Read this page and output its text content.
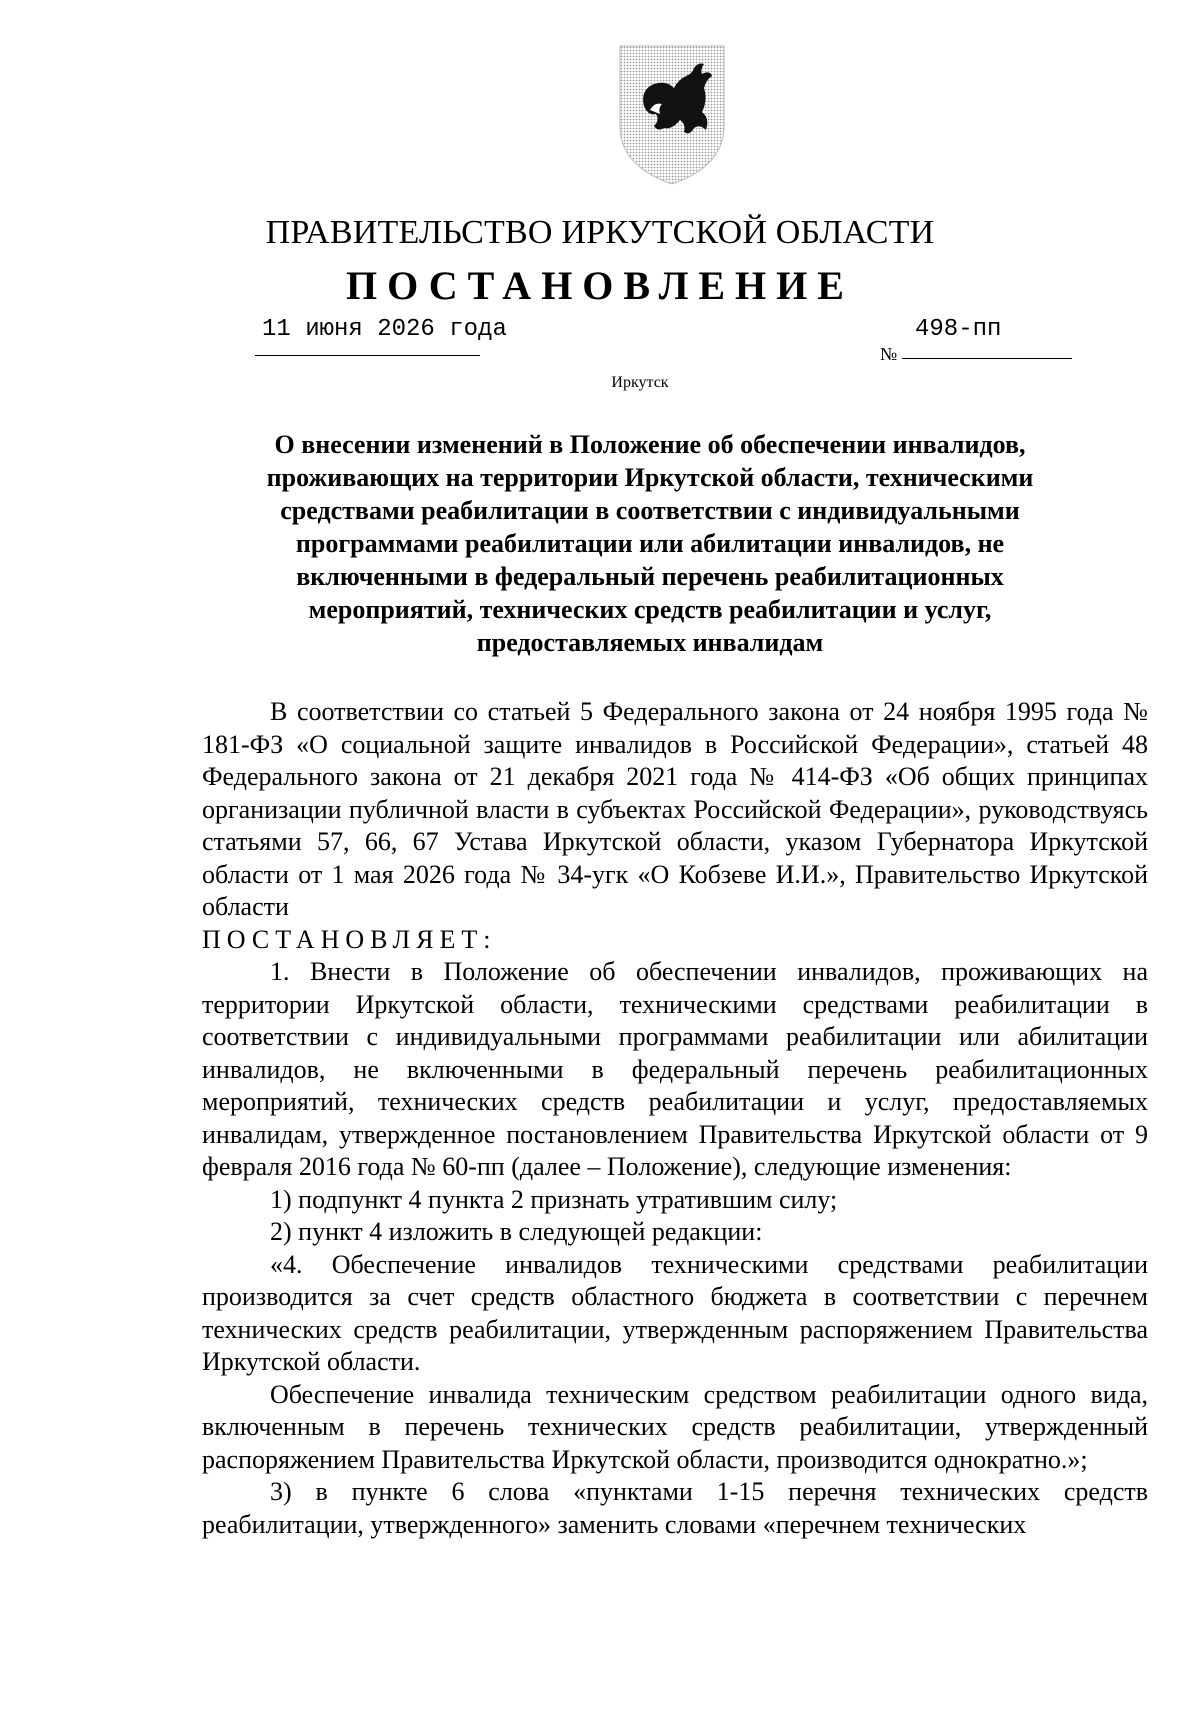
ПРАВИТЕЛЬСТВО ИРКУТСКОЙ ОБЛАСТИ
ПОСТАНОВЛЕНИЕ
11 июня 2026 года
№
498-пп
Иркутск
О внесении изменений в Положение об обеспечении инвалидов, проживающих на территории Иркутской области, техническими средствами реабилитации в соответствии с индивидуальными программами реабилитации или абилитации инвалидов, не включенными в федеральный перечень реабилитационных мероприятий, технических средств реабилитации и услуг, предоставляемых инвалидам

В соответствии со статьей 5 Федерального закона от 24 ноября 1995 года № 181-ФЗ «О социальной защите инвалидов в Российской Федерации», статьей 48 Федерального закона от 21 декабря 2021 года № 414-ФЗ «Об общих принципах организации публичной власти в субъектах Российской Федерации», руководствуясь статьями 57, 66, 67 Устава Иркутской области, указом Губернатора Иркутской области от 1 мая 2026 года № 34-угк «О Кобзеве И.И.», Правительство Иркутской области

ПОСТАНОВЛЯЕТ:

1. Внести в Положение об обеспечении инвалидов, проживающих на территории Иркутской области, техническими средствами реабилитации в соответствии с индивидуальными программами реабилитации или абилитации инвалидов, не включенными в федеральный перечень реабилитационных мероприятий, технических средств реабилитации и услуг, предоставляемых инвалидам, утвержденное постановлением Правительства Иркутской области от 9 февраля 2016 года № 60-пп (далее – Положение), следующие изменения:

1) подпункт 4 пункта 2 признать утратившим силу;

2) пункт 4 изложить в следующей редакции:

«4. Обеспечение инвалидов техническими средствами реабилитации производится за счет средств областного бюджета в соответствии с перечнем технических средств реабилитации, утвержденным распоряжением Правительства Иркутской области.

Обеспечение инвалида техническим средством реабилитации одного вида, включенным в перечень технических средств реабилитации, утвержденный распоряжением Правительства Иркутской области, производится однократно.»;

3) в пункте 6 слова «пунктами 1-15 перечня технических средств реабилитации, утвержденного» заменить словами «перечнем технических
